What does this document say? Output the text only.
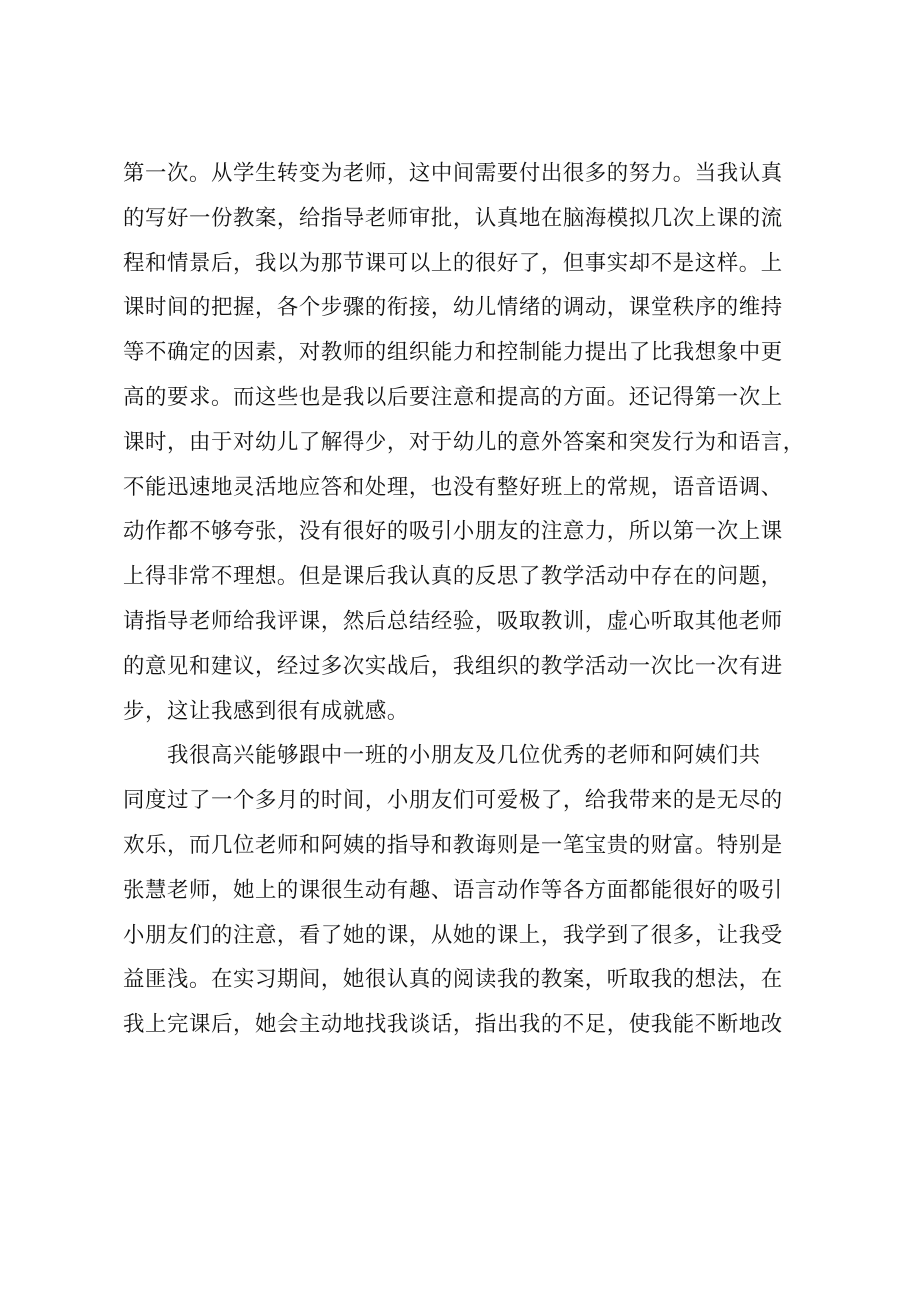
第一次。从学生转变为老师，这中间需要付出很多的努力。当我认真
的写好一份教案，给指导老师审批，认真地在脑海模拟几次上课的流
程和情景后，我以为那节课可以上的很好了，但事实却不是这样。上
课时间的把握，各个步骤的衔接，幼儿情绪的调动，课堂秩序的维持
等不确定的因素，对教师的组织能力和控制能力提出了比我想象中更
高的要求。而这些也是我以后要注意和提高的方面。还记得第一次上
课时，由于对幼儿了解得少，对于幼儿的意外答案和突发行为和语言，
不能迅速地灵活地应答和处理，也没有整好班上的常规，语音语调、
动作都不够夸张，没有很好的吸引小朋友的注意力，所以第一次上课
上得非常不理想。但是课后我认真的反思了教学活动中存在的问题，
请指导老师给我评课，然后总结经验，吸取教训，虚心听取其他老师
的意见和建议，经过多次实战后，我组织的教学活动一次比一次有进
步，这让我感到很有成就感。
我很高兴能够跟中一班的小朋友及几位优秀的老师和阿姨们共
同度过了一个多月的时间，小朋友们可爱极了，给我带来的是无尽的
欢乐，而几位老师和阿姨的指导和教诲则是一笔宝贵的财富。特别是
张慧老师，她上的课很生动有趣、语言动作等各方面都能很好的吸引
小朋友们的注意，看了她的课，从她的课上，我学到了很多，让我受
益匪浅。在实习期间，她很认真的阅读我的教案，听取我的想法，在
我上完课后，她会主动地找我谈话，指出我的不足，使我能不断地改
